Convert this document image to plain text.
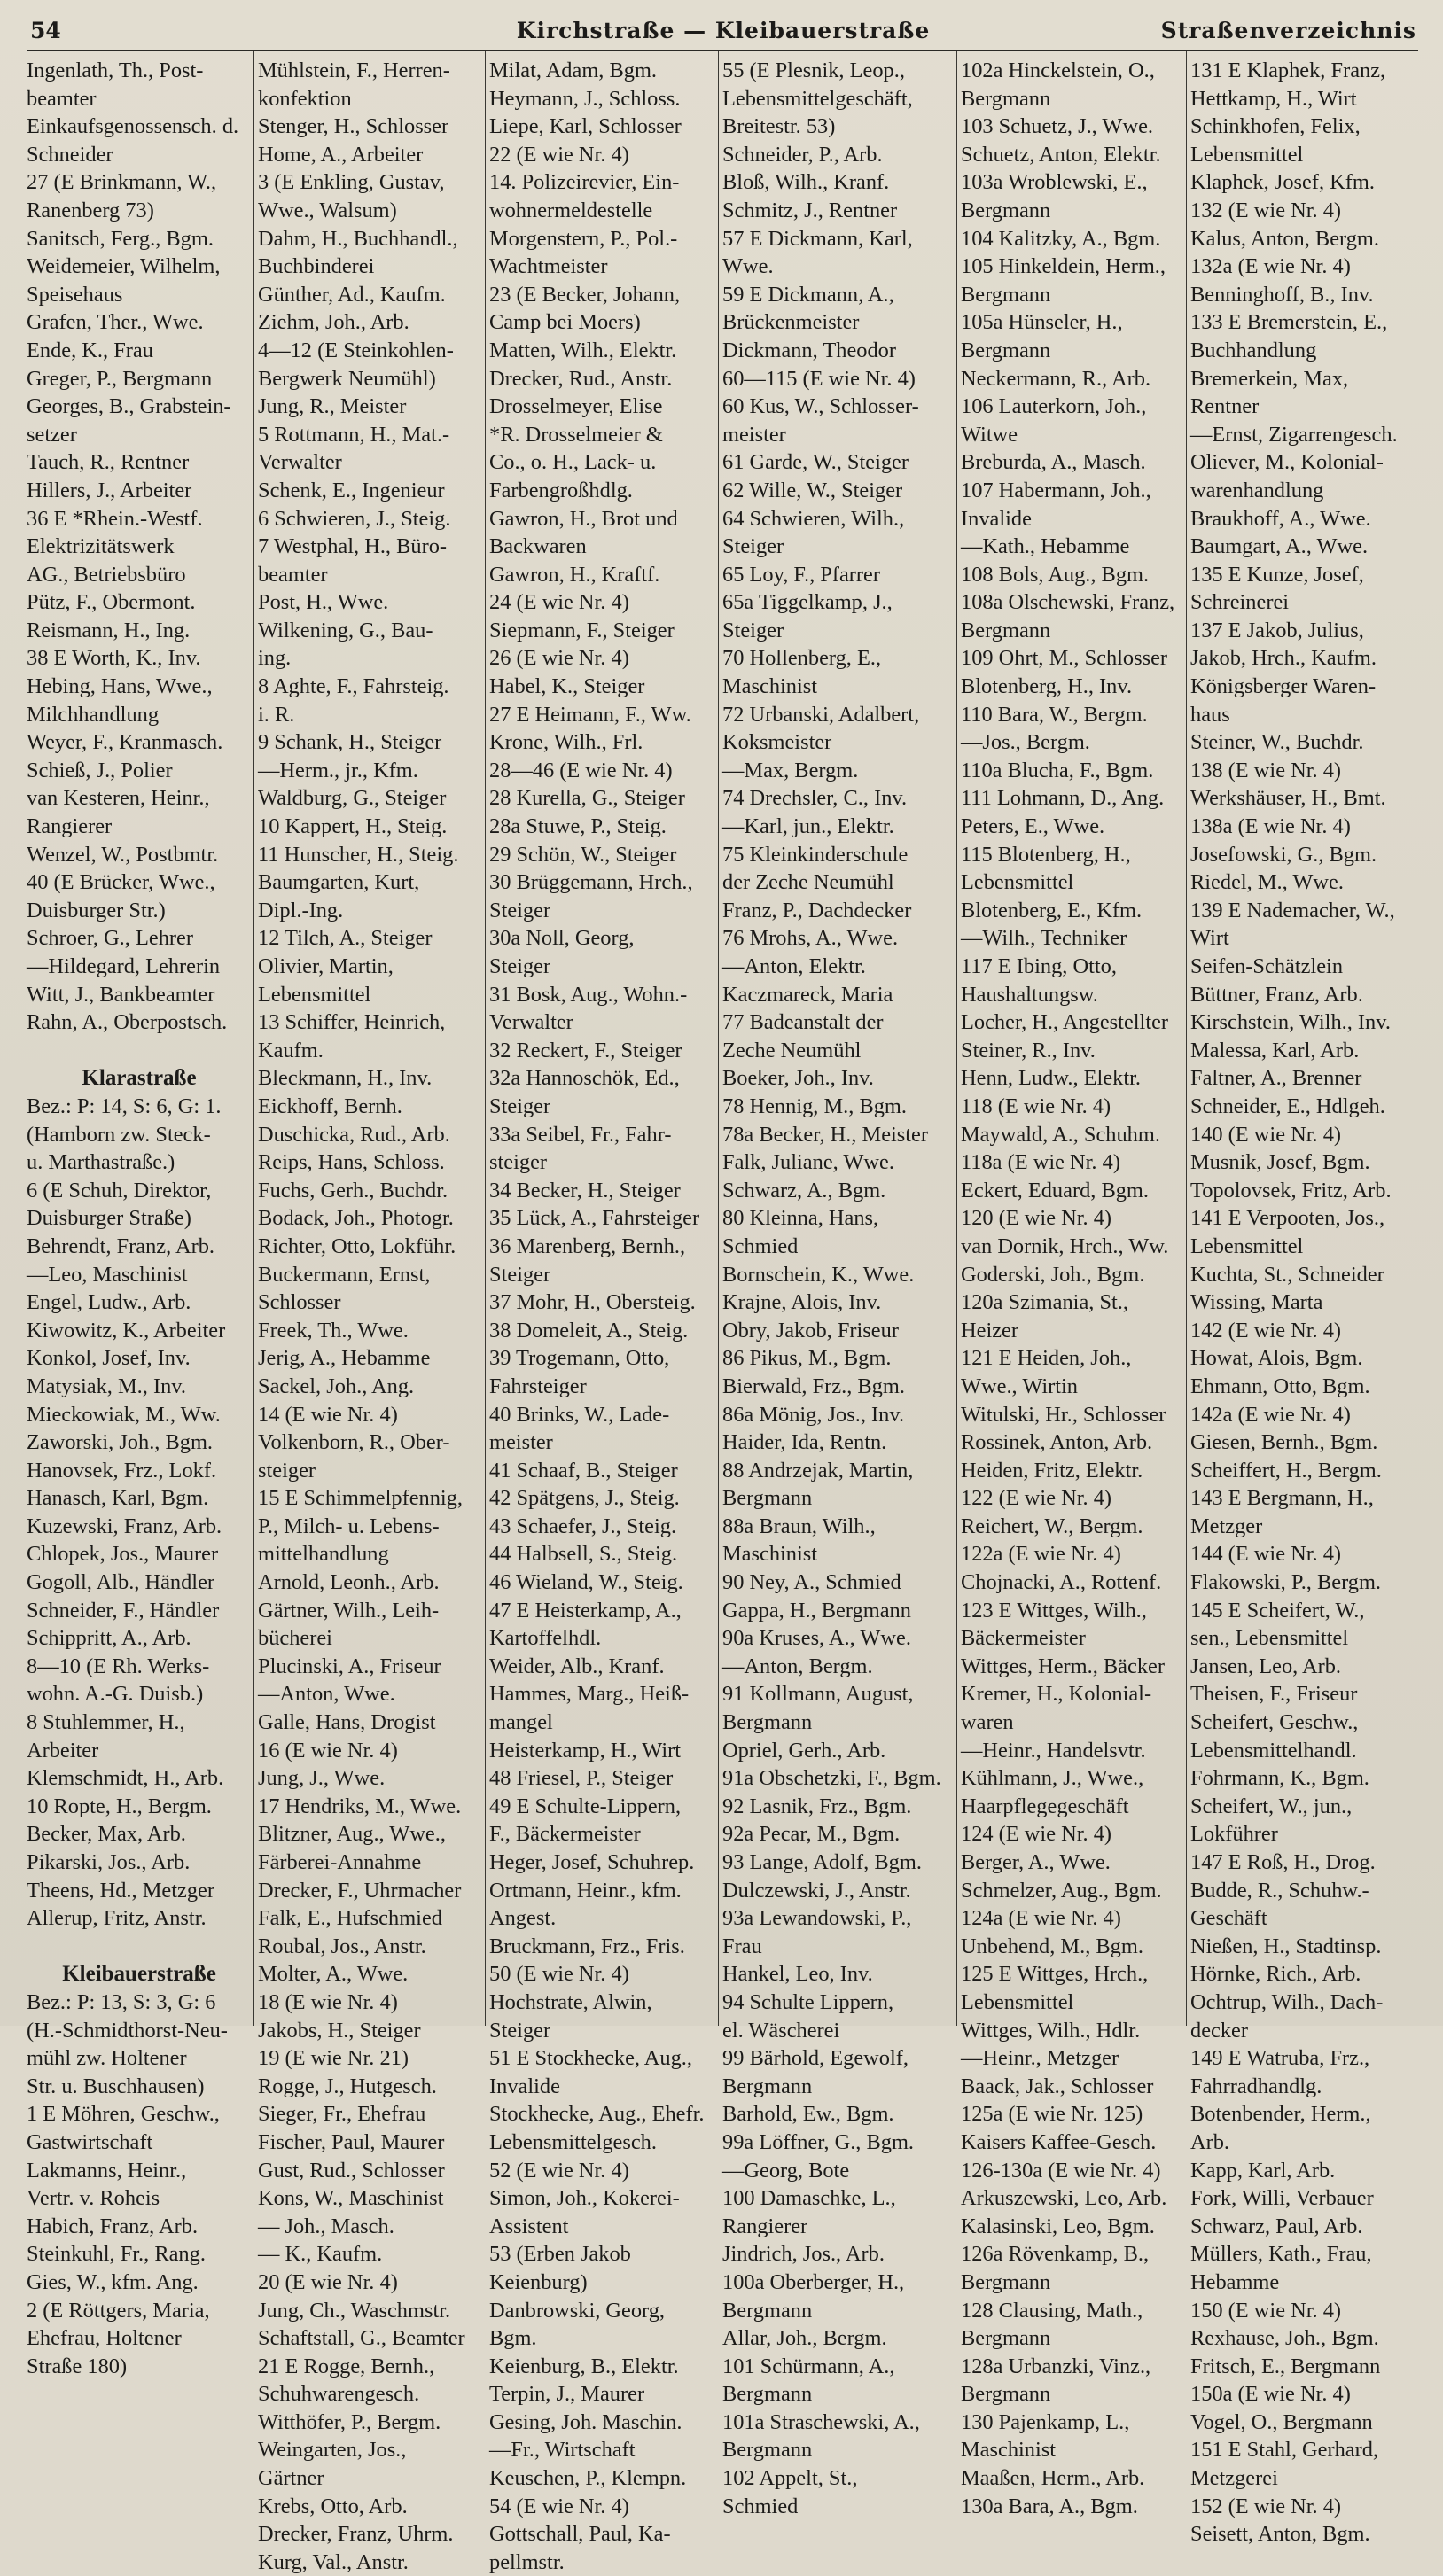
54	Kirchstraße — Kleibauerstraße	Straßenverzeichnis
Ingenlath, Th., Post-
beamter
Einkaufsgenossensch. d.
Schneider
27 (E Brinkmann, W.,
Ranenberg 73)
Sanitsch, Ferg., Bgm.
Weidemeier, Wilhelm,
Speisehaus
Grafen, Ther., Wwe.
Ende, K., Frau
Greger, P., Bergmann
Georges, B., Grabstein-
setzer
Tauch, R., Rentner
Hillers, J., Arbeiter
36 E *Rhein.-Westf.
Elektrizitätswerk
AG., Betriebsbüro
Pütz, F., Obermont.
Reismann, H., Ing.
38 E Worth, K., Inv.
Hebing, Hans, Wwe.,
Milchhandlung
Weyer, F., Kranmasch.
Schieß, J., Polier
van Kesteren, Heinr.,
Rangierer
Wenzel, W., Postbmtr.
40 (E Brücker, Wwe.,
Duisburger Str.)
Schroer, G., Lehrer
—Hildegard, Lehrerin
Witt, J., Bankbeamter
Rahn, A., Oberpostsch.
Klarastraße
Bez.: P: 14, S: 6, G: 1.
(Hamborn zw. Steck-
u. Marthastraße.)
6 (E Schuh, Direktor,
Duisburger Straße)
Behrendt, Franz, Arb.
—Leo, Maschinist
Engel, Ludw., Arb.
Kiwowitz, K., Arbeiter
Konkol, Josef, Inv.
Matysiak, M., Inv.
Mieckowiak, M., Ww.
Zaworski, Joh., Bgm.
Hanovsek, Frz., Lokf.
Hanasch, Karl, Bgm.
Kuzewski, Franz, Arb.
Chlopek, Jos., Maurer
Gogoll, Alb., Händler
Schneider, F., Händler
Schippritt, A., Arb.
8—10 (E Rh. Werks-
wohn. A.-G. Duisb.)
8 Stuhlemmer, H.,
Arbeiter
Klemschmidt, H., Arb.
10 Ropte, H., Bergm.
Becker, Max, Arb.
Pikarski, Jos., Arb.
Theens, Hd., Metzger
Allerup, Fritz, Anstr.
Kleibauerstraße
Bez.: P: 13, S: 3, G: 6
(H.-Schmidthorst-Neu-
mühl zw. Holtener
Str. u. Buschhausen)
1 E Möhren, Geschw.,
Gastwirtschaft
Lakmanns, Heinr.,
Vertr. v. Roheis
Habich, Franz, Arb.
Steinkuhl, Fr., Rang.
Gies, W., kfm. Ang.
2 (E Röttgers, Maria,
Ehefrau, Holtener
Straße 180)
Mühlstein, F., Herren-
konfektion
Stenger, H., Schlosser
Home, A., Arbeiter
3 (E Enkling, Gustav,
Wwe., Walsum)
Dahm, H., Buchhandl.,
Buchbinderei
Günther, Ad., Kaufm.
Ziehm, Joh., Arb.
4—12 (E Steinkohlen-
Bergwerk Neumühl)
Jung, R., Meister
5 Rottmann, H., Mat.-
Verwalter
Schenk, E., Ingenieur
6 Schwieren, J., Steig.
7 Westphal, H., Büro-
beamter
Post, H., Wwe.
Wilkening, G., Bau-
ing.
8 Aghte, F., Fahrsteig.
i. R.
9 Schank, H., Steiger
—Herm., jr., Kfm.
Waldburg, G., Steiger
10 Kappert, H., Steig.
11 Hunscher, H., Steig.
Baumgarten, Kurt,
Dipl.-Ing.
12 Tilch, A., Steiger
Olivier, Martin,
Lebensmittel
13 Schiffer, Heinrich,
Kaufm.
Bleckmann, H., Inv.
Eickhoff, Bernh.
Duschicka, Rud., Arb.
Reips, Hans, Schloss.
Fuchs, Gerh., Buchdr.
Bodack, Joh., Photogr.
Richter, Otto, Lokführ.
Buckermann, Ernst,
Schlosser
Freek, Th., Wwe.
Jerig, A., Hebamme
Sackel, Joh., Ang.
14 (E wie Nr. 4)
Volkenborn, R., Ober-
steiger
15 E Schimmelpfennig,
P., Milch- u. Lebens-
mittelhandlung
Arnold, Leonh., Arb.
Gärtner, Wilh., Leih-
bücherei
Plucinski, A., Friseur
—Anton, Wwe.
Galle, Hans, Drogist
16 (E wie Nr. 4)
Jung, J., Wwe.
17 Hendriks, M., Wwe.
Blitzner, Aug., Wwe.,
Färberei-Annahme
Drecker, F., Uhrmacher
Falk, E., Hufschmied
Roubal, Jos., Anstr.
Molter, A., Wwe.
18 (E wie Nr. 4)
Jakobs, H., Steiger
19 (E wie Nr. 21)
Rogge, J., Hutgesch.
Sieger, Fr., Ehefrau
Fischer, Paul, Maurer
Gust, Rud., Schlosser
Kons, W., Maschinist
— Joh., Masch.
— K., Kaufm.
20 (E wie Nr. 4)
Jung, Ch., Waschmstr.
Schaftstall, G., Beamter
21 E Rogge, Bernh.,
Schuhwarengesch.
Witthöfer, P., Bergm.
Weingarten, Jos.,
Gärtner
Krebs, Otto, Arb.
Drecker, Franz, Uhrm.
Kurg, Val., Anstr.
Milat, Adam, Bgm.
Heymann, J., Schloss.
Liepe, Karl, Schlosser
22 (E wie Nr. 4)
14. Polizeirevier, Ein-
wohnermeldestelle
Morgenstern, P., Pol.-
Wachtmeister
23 (E Becker, Johann,
Camp bei Moers)
Matten, Wilh., Elektr.
Drecker, Rud., Anstr.
Drosselmeyer, Elise
*R. Drosselmeier &
Co., o. H., Lack- u.
Farbengroßhdlg.
Gawron, H., Brot und
Backwaren
Gawron, H., Kraftf.
24 (E wie Nr. 4)
Siepmann, F., Steiger
26 (E wie Nr. 4)
Habel, K., Steiger
27 E Heimann, F., Ww.
Krone, Wilh., Frl.
28—46 (E wie Nr. 4)
28 Kurella, G., Steiger
28a Stuwe, P., Steig.
29 Schön, W., Steiger
30 Brüggemann, Hrch.,
Steiger
30a Noll, Georg,
Steiger
31 Bosk, Aug., Wohn.-
Verwalter
32 Reckert, F., Steiger
32a Hannoschök, Ed.,
Steiger
33a Seibel, Fr., Fahr-
steiger
34 Becker, H., Steiger
35 Lück, A., Fahrsteiger
36 Marenberg, Bernh.,
Steiger
37 Mohr, H., Obersteig.
38 Domeleit, A., Steig.
39 Trogemann, Otto,
Fahrsteiger
40 Brinks, W., Lade-
meister
41 Schaaf, B., Steiger
42 Spätgens, J., Steig.
43 Schaefer, J., Steig.
44 Halbsell, S., Steig.
46 Wieland, W., Steig.
47 E Heisterkamp, A.,
Kartoffelhdl.
Weider, Alb., Kranf.
Hammes, Marg., Heiß-
mangel
Heisterkamp, H., Wirt
48 Friesel, P., Steiger
49 E Schulte-Lippern,
F., Bäckermeister
Heger, Josef, Schuhrep.
Ortmann, Heinr., kfm.
Angest.
Bruckmann, Frz., Fris.
50 (E wie Nr. 4)
Hochstrate, Alwin,
Steiger
51 E Stockhecke, Aug.,
Invalide
Stockhecke, Aug., Ehefr.
Lebensmittelgesch.
52 (E wie Nr. 4)
Simon, Joh., Kokerei-
Assistent
53 (Erben Jakob
Keienburg)
Danbrowski, Georg,
Bgm.
Keienburg, B., Elektr.
Terpin, J., Maurer
Gesing, Joh. Maschin.
—Fr., Wirtschaft
Keuschen, P., Klempn.
54 (E wie Nr. 4)
Gottschall, Paul, Ka-
pellmstr.
55 (E Plesnik, Leop.,
Lebensmittelgeschäft,
Breitestr. 53)
Schneider, P., Arb.
Bloß, Wilh., Kranf.
Schmitz, J., Rentner
57 E Dickmann, Karl,
Wwe.
59 E Dickmann, A.,
Brückenmeister
Dickmann, Theodor
60—115 (E wie Nr. 4)
60 Kus, W., Schlosser-
meister
61 Garde, W., Steiger
62 Wille, W., Steiger
64 Schwieren, Wilh.,
Steiger
65 Loy, F., Pfarrer
65a Tiggelkamp, J.,
Steiger
70 Hollenberg, E.,
Maschinist
72 Urbanski, Adalbert,
Koksmeister
—Max, Bergm.
74 Drechsler, C., Inv.
—Karl, jun., Elektr.
75 Kleinkinderschule
der Zeche Neumühl
Franz, P., Dachdecker
76 Mrohs, A., Wwe.
—Anton, Elektr.
Kaczmareck, Maria
77 Badeanstalt der
Zeche Neumühl
Boeker, Joh., Inv.
78 Hennig, M., Bgm.
78a Becker, H., Meister
Falk, Juliane, Wwe.
Schwarz, A., Bgm.
80 Kleinna, Hans,
Schmied
Bornschein, K., Wwe.
Krajne, Alois, Inv.
Obry, Jakob, Friseur
86 Pikus, M., Bgm.
Bierwald, Frz., Bgm.
86a Mönig, Jos., Inv.
Haider, Ida, Rentn.
88 Andrzejak, Martin,
Bergmann
88a Braun, Wilh.,
Maschinist
90 Ney, A., Schmied
Gappa, H., Bergmann
90a Kruses, A., Wwe.
—Anton, Bergm.
91 Kollmann, August,
Bergmann
Opriel, Gerh., Arb.
91a Obschetzki, F., Bgm.
92 Lasnik, Frz., Bgm.
92a Pecar, M., Bgm.
93 Lange, Adolf, Bgm.
Dulczewski, J., Anstr.
93a Lewandowski, P.,
Frau
Hankel, Leo, Inv.
94 Schulte Lippern,
el. Wäscherei
99 Bärhold, Egewolf,
Bergmann
Barhold, Ew., Bgm.
99a Löffner, G., Bgm.
—Georg, Bote
100 Damaschke, L.,
Rangierer
Jindrich, Jos., Arb.
100a Oberberger, H.,
Bergmann
Allar, Joh., Bergm.
101 Schürmann, A.,
Bergmann
101a Straschewski, A.,
Bergmann
102 Appelt, St.,
Schmied
102a Hinckelstein, O.,
Bergmann
103 Schuetz, J., Wwe.
Schuetz, Anton, Elektr.
103a Wroblewski, E.,
Bergmann
104 Kalitzky, A., Bgm.
105 Hinkeldein, Herm.,
Bergmann
105a Hünseler, H.,
Bergmann
Neckermann, R., Arb.
106 Lauterkorn, Joh.,
Witwe
Breburda, A., Masch.
107 Habermann, Joh.,
Invalide
—Kath., Hebamme
108 Bols, Aug., Bgm.
108a Olschewski, Franz,
Bergmann
109 Ohrt, M., Schlosser
Blotenberg, H., Inv.
110 Bara, W., Bergm.
—Jos., Bergm.
110a Blucha, F., Bgm.
111 Lohmann, D., Ang.
Peters, E., Wwe.
115 Blotenberg, H.,
Lebensmittel
Blotenberg, E., Kfm.
—Wilh., Techniker
117 E Ibing, Otto,
Haushaltungsw.
Locher, H., Angestellter
Steiner, R., Inv.
Henn, Ludw., Elektr.
118 (E wie Nr. 4)
Maywald, A., Schuhm.
118a (E wie Nr. 4)
Eckert, Eduard, Bgm.
120 (E wie Nr. 4)
van Dornik, Hrch., Ww.
Goderski, Joh., Bgm.
120a Szimania, St.,
Heizer
121 E Heiden, Joh.,
Wwe., Wirtin
Witulski, Hr., Schlosser
Rossinek, Anton, Arb.
Heiden, Fritz, Elektr.
122 (E wie Nr. 4)
Reichert, W., Bergm.
122a (E wie Nr. 4)
Chojnacki, A., Rottenf.
123 E Wittges, Wilh.,
Bäckermeister
Wittges, Herm., Bäcker
Kremer, H., Kolonial-
waren
—Heinr., Handelsvtr.
Kühlmann, J., Wwe.,
Haarpflegegeschäft
124 (E wie Nr. 4)
Berger, A., Wwe.
Schmelzer, Aug., Bgm.
124a (E wie Nr. 4)
Unbehend, M., Bgm.
125 E Wittges, Hrch.,
Lebensmittel
Wittges, Wilh., Hdlr.
—Heinr., Metzger
Baack, Jak., Schlosser
125a (E wie Nr. 125)
Kaisers Kaffee-Gesch.
126-130a (E wie Nr. 4)
Arkuszewski, Leo, Arb.
Kalasinski, Leo, Bgm.
126a Rövenkamp, B.,
Bergmann
128 Clausing, Math.,
Bergmann
128a Urbanzki, Vinz.,
Bergmann
130 Pajenkamp, L.,
Maschinist
Maaßen, Herm., Arb.
130a Bara, A., Bgm.
131 E Klaphek, Franz,
Hettkamp, H., Wirt
Schinkhofen, Felix,
Lebensmittel
Klaphek, Josef, Kfm.
132 (E wie Nr. 4)
Kalus, Anton, Bergm.
132a (E wie Nr. 4)
Benninghoff, B., Inv.
133 E Bremerstein, E.,
Buchhandlung
Bremerkein, Max,
Rentner
—Ernst, Zigarrengesch.
Oliever, M., Kolonial-
warenhandlung
Braukhoff, A., Wwe.
Baumgart, A., Wwe.
135 E Kunze, Josef,
Schreinerei
137 E Jakob, Julius,
Jakob, Hrch., Kaufm.
Königsberger Waren-
haus
Steiner, W., Buchdr.
138 (E wie Nr. 4)
Werkshäuser, H., Bmt.
138a (E wie Nr. 4)
Josefowski, G., Bgm.
Riedel, M., Wwe.
139 E Nademacher, W.,
Wirt
Seifen-Schätzlein
Büttner, Franz, Arb.
Kirschstein, Wilh., Inv.
Malessa, Karl, Arb.
Faltner, A., Brenner
Schneider, E., Hdlgeh.
140 (E wie Nr. 4)
Musnik, Josef, Bgm.
Topolovsek, Fritz, Arb.
141 E Verpooten, Jos.,
Lebensmittel
Kuchta, St., Schneider
Wissing, Marta
142 (E wie Nr. 4)
Howat, Alois, Bgm.
Ehmann, Otto, Bgm.
142a (E wie Nr. 4)
Giesen, Bernh., Bgm.
Scheiffert, H., Bergm.
143 E Bergmann, H.,
Metzger
144 (E wie Nr. 4)
Flakowski, P., Bergm.
145 E Scheifert, W.,
sen., Lebensmittel
Jansen, Leo, Arb.
Theisen, F., Friseur
Scheifert, Geschw.,
Lebensmittelhandl.
Fohrmann, K., Bgm.
Scheifert, W., jun.,
Lokführer
147 E Roß, H., Drog.
Budde, R., Schuhw.-
Geschäft
Nießen, H., Stadtinsp.
Hörnke, Rich., Arb.
Ochtrup, Wilh., Dach-
decker
149 E Watruba, Frz.,
Fahrradhandlg.
Botenbender, Herm.,
Arb.
Kapp, Karl, Arb.
Fork, Willi, Verbauer
Schwarz, Paul, Arb.
Müllers, Kath., Frau,
Hebamme
150 (E wie Nr. 4)
Rexhause, Joh., Bgm.
Fritsch, E., Bergmann
150a (E wie Nr. 4)
Vogel, O., Bergmann
151 E Stahl, Gerhard,
Metzgerei
152 (E wie Nr. 4)
Seisett, Anton, Bgm.
